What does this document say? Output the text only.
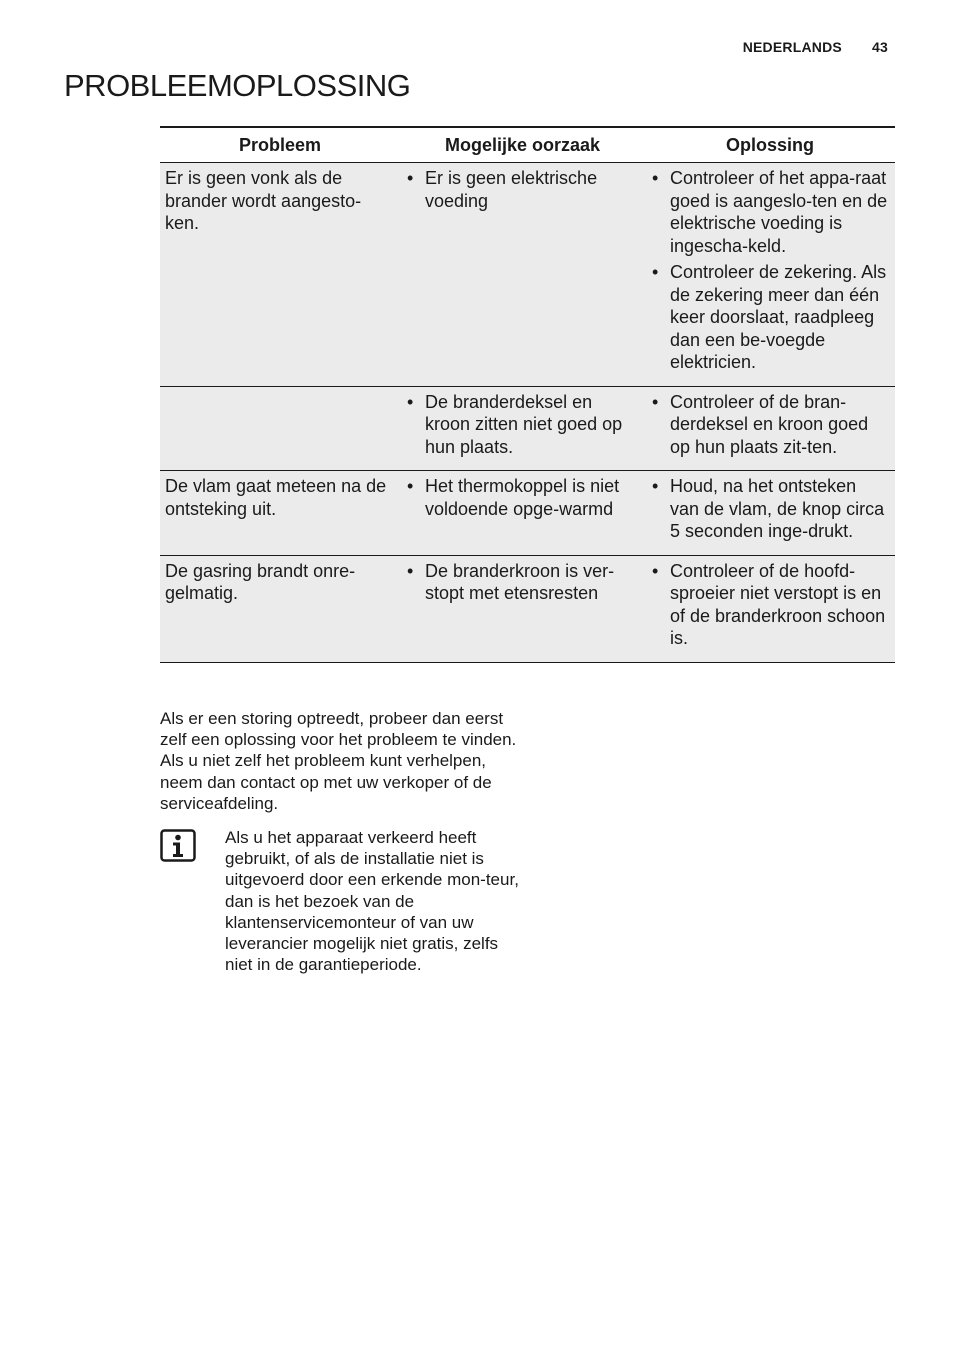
NEDERLANDS 43
PROBLEEMOPLOSSING
Probleem	Mogelijke oorzaak	Oplossing
Er is geen vonk als de brander wordt aangesto-ken.
• Er is geen elektrische voeding
• Controleer of het appa-raat goed is aangeslo-ten en de elektrische voeding is ingescha-keld.
• Controleer de zekering. Als de zekering meer dan één keer doorslaat, raadpleeg dan een be-voegde elektricien.
• De branderdeksel en kroon zitten niet goed op hun plaats.
• Controleer of de bran-derdeksel en kroon goed op hun plaats zit-ten.
De vlam gaat meteen na de ontsteking uit.
• Het thermokoppel is niet voldoende opge-warmd
• Houd, na het ontsteken van de vlam, de knop circa 5 seconden inge-drukt.
De gasring brandt onre-gelmatig.
• De branderkroon is ver-stopt met etensresten
• Controleer of de hoofd-sproeier niet verstopt is en of de branderkroon schoon is.
Als er een storing optreedt, probeer dan eerst zelf een oplossing voor het probleem te vinden. Als u niet zelf het probleem kunt verhelpen, neem dan contact op met uw verkoper of de serviceafdeling.
Als u het apparaat verkeerd heeft gebruikt, of als de installatie niet is uitgevoerd door een erkende mon-teur, dan is het bezoek van de klantenservicemonteur of van uw leverancier mogelijk niet gratis, zelfs niet in de garantieperiode.
